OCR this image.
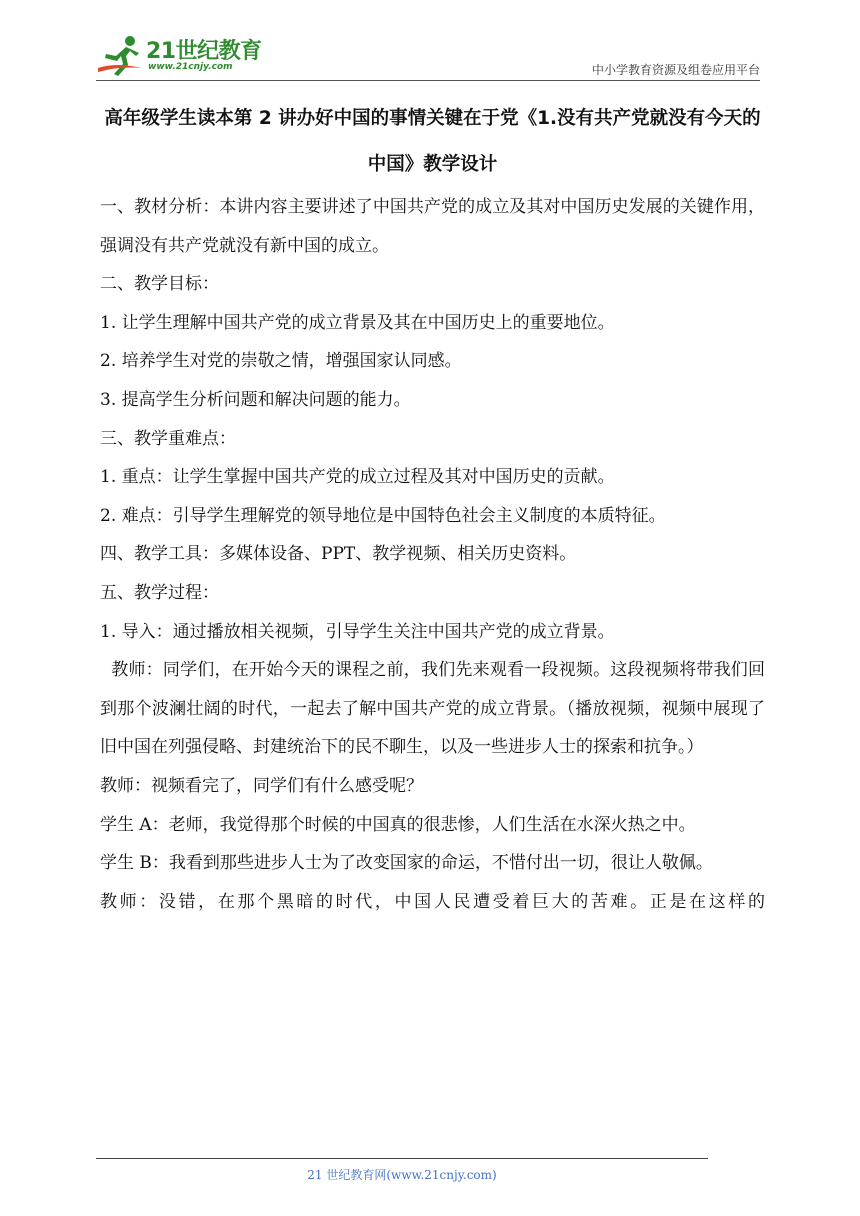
21世纪教育
www.21cnjy.com	中小学教育资源及组卷应用平台
高年级学生读本第 2 讲办好中国的事情关键在于党《1.没有共产党就没有今天的中国》教学设计

一、教材分析：本讲内容主要讲述了中国共产党的成立及其对中国历史发展的关键作用，强调没有共产党就没有新中国的成立。

二、教学目标：

1. 让学生理解中国共产党的成立背景及其在中国历史上的重要地位。

2. 培养学生对党的崇敬之情，增强国家认同感。

3. 提高学生分析问题和解决问题的能力。

三、教学重难点：

1. 重点：让学生掌握中国共产党的成立过程及其对中国历史的贡献。

2. 难点：引导学生理解党的领导地位是中国特色社会主义制度的本质特征。

四、教学工具：多媒体设备、PPT、教学视频、相关历史资料。

五、教学过程：

1. 导入：通过播放相关视频，引导学生关注中国共产党的成立背景。

教师：同学们，在开始今天的课程之前，我们先来观看一段视频。这段视频将带我们回到那个波澜壮阔的时代，一起去了解中国共产党的成立背景。（播放视频，视频中展现了旧中国在列强侵略、封建统治下的民不聊生，以及一些进步人士的探索和抗争。）

教师：视频看完了，同学们有什么感受呢？

学生 A：老师，我觉得那个时候的中国真的很悲惨，人们生活在水深火热之中。

学生 B：我看到那些进步人士为了改变国家的命运，不惜付出一切，很让人敬佩。

教师：没错，在那个黑暗的时代，中国人民遭受着巨大的苦难。正是在这样的

21 世纪教育网(www.21cnjy.com)
